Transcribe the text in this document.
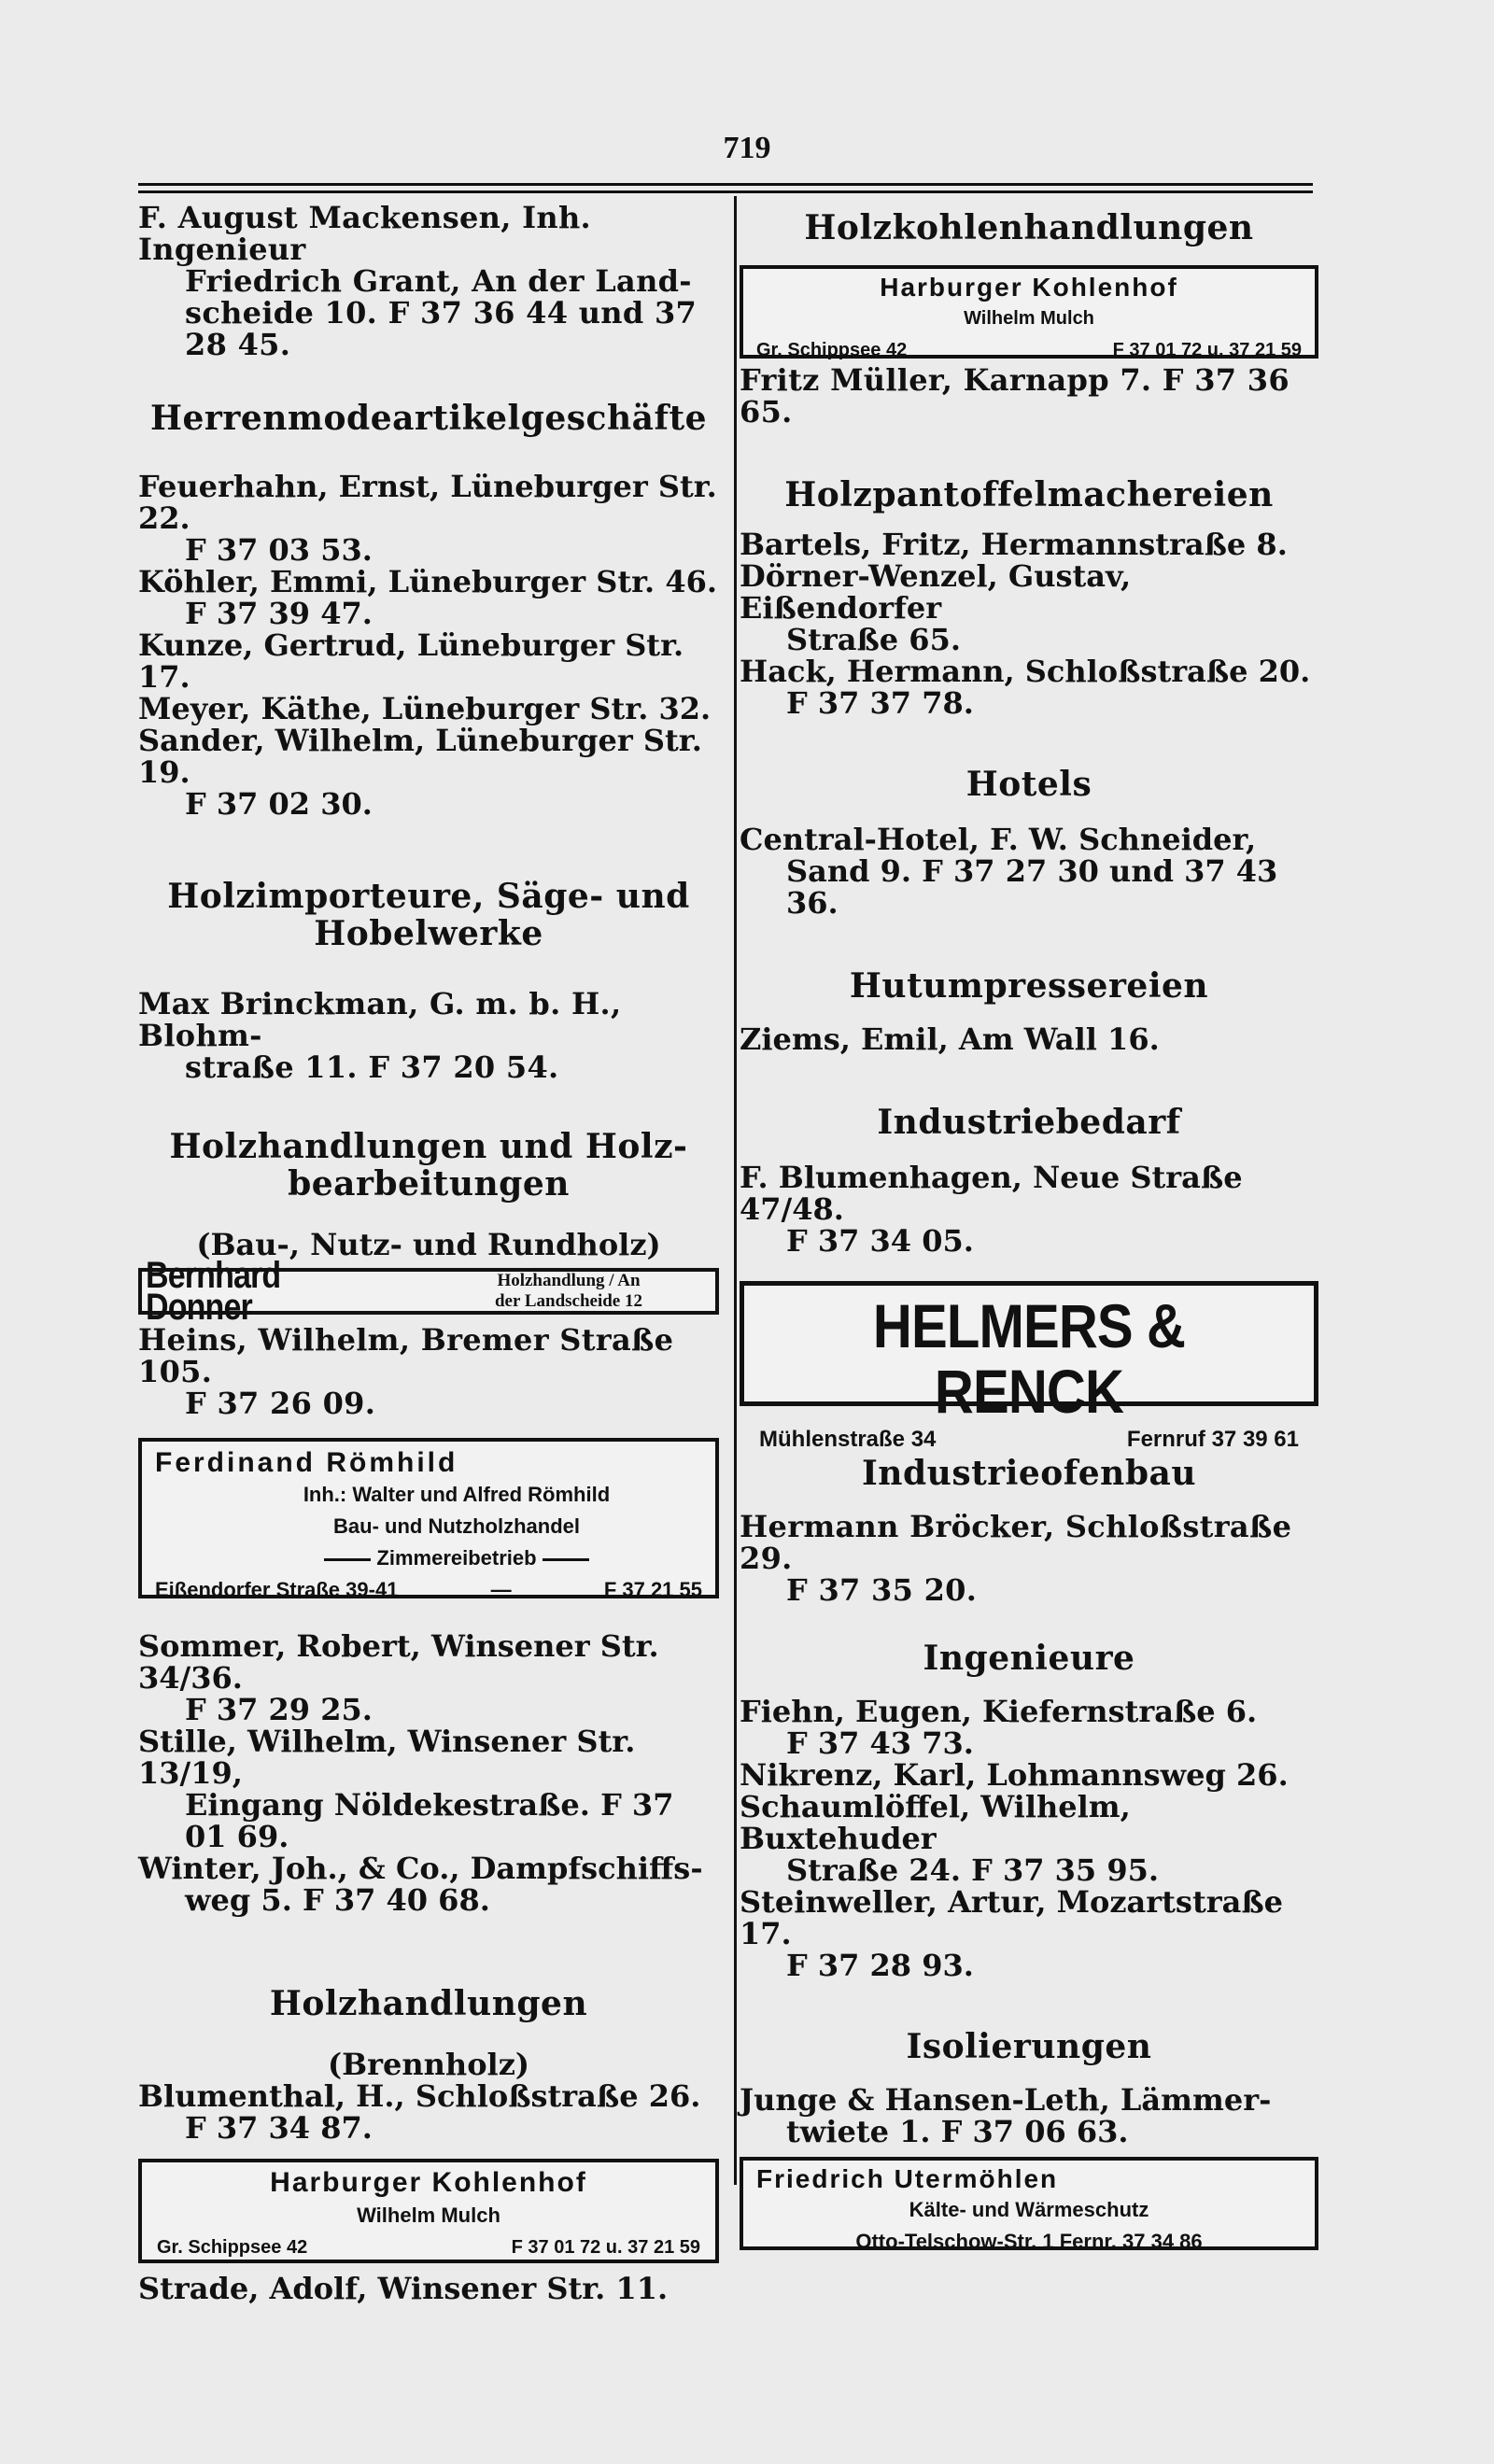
719

F. August Mackensen, Inh. Ingenieur
Friedrich Grant, An der Land-
scheide 10. F 37 36 44 und 37 28 45.

Herrenmodeartikelgeschäfte

Feuerhahn, Ernst, Lüneburger Str. 22.
F 37 03 53.

Köhler, Emmi, Lüneburger Str. 46.
F 37 39 47.

Kunze, Gertrud, Lüneburger Str. 17.

Meyer, Käthe, Lüneburger Str. 32.

Sander, Wilhelm, Lüneburger Str. 19.
F 37 02 30.

Holzimporteure, Säge- und
Hobelwerke

Max Brinckman, G. m. b. H., Blohm-
straße 11. F 37 20 54.

Holzhandlungen und Holz-
bearbeitungen

(Bau-, Nutz- und Rundholz)

Bernhard Donner
Holzhandlung / An
der Landscheide 12

Heins, Wilhelm, Bremer Straße 105.
F 37 26 09.

Ferdinand Römhild
Inh.: Walter und Alfred Römhild
Bau- und Nutzholzhandel
Zimmereibetrieb
Eißendorfer Straße 39-41	—	F 37 21 55

Sommer, Robert, Winsener Str. 34/36.
F 37 29 25.

Stille, Wilhelm, Winsener Str. 13/19,
Eingang Nöldekestraße. F 37 01 69.

Winter, Joh., & Co., Dampfschiffs-
weg 5. F 37 40 68.

Holzhandlungen

(Brennholz)

Blumenthal, H., Schloßstraße 26.
F 37 34 87.

Harburger Kohlenhof
Wilhelm Mulch
Gr. Schippsee 42	F 37 01 72 u. 37 21 59

Strade, Adolf, Winsener Str. 11.

Holzkohlenhandlungen
Harburger Kohlenhof
Wilhelm Mulch
Gr. Schippsee 42	F 37 01 72 u. 37 21 59

Fritz Müller, Karnapp 7. F 37 36 65.

Holzpantoffelmachereien

Bartels, Fritz, Hermannstraße 8.

Dörner-Wenzel, Gustav, Eißendorfer
Straße 65.

Hack, Hermann, Schloßstraße 20.
F 37 37 78.

Hotels

Central-Hotel, F. W. Schneider,
Sand 9. F 37 27 30 und 37 43 36.

Hutumpressereien

Ziems, Emil, Am Wall 16.

Industriebedarf

F. Blumenhagen, Neue Straße 47/48.
F 37 34 05.

HELMERS & RENCK
Mühlenstraße 34	Fernruf 37 39 61
Industrieofenbau

Hermann Bröcker, Schloßstraße 29.
F 37 35 20.

Ingenieure

Fiehn, Eugen, Kiefernstraße 6.
F 37 43 73.

Nikrenz, Karl, Lohmannsweg 26.

Schaumlöffel, Wilhelm, Buxtehuder
Straße 24. F 37 35 95.

Steinweller, Artur, Mozartstraße 17.
F 37 28 93.

Isolierungen

Junge & Hansen-Leth, Lämmer-
twiete 1. F 37 06 63.

Friedrich Utermöhlen
Kälte- und Wärmeschutz
Otto-Telschow-Str. 1 Fernr. 37 34 86
